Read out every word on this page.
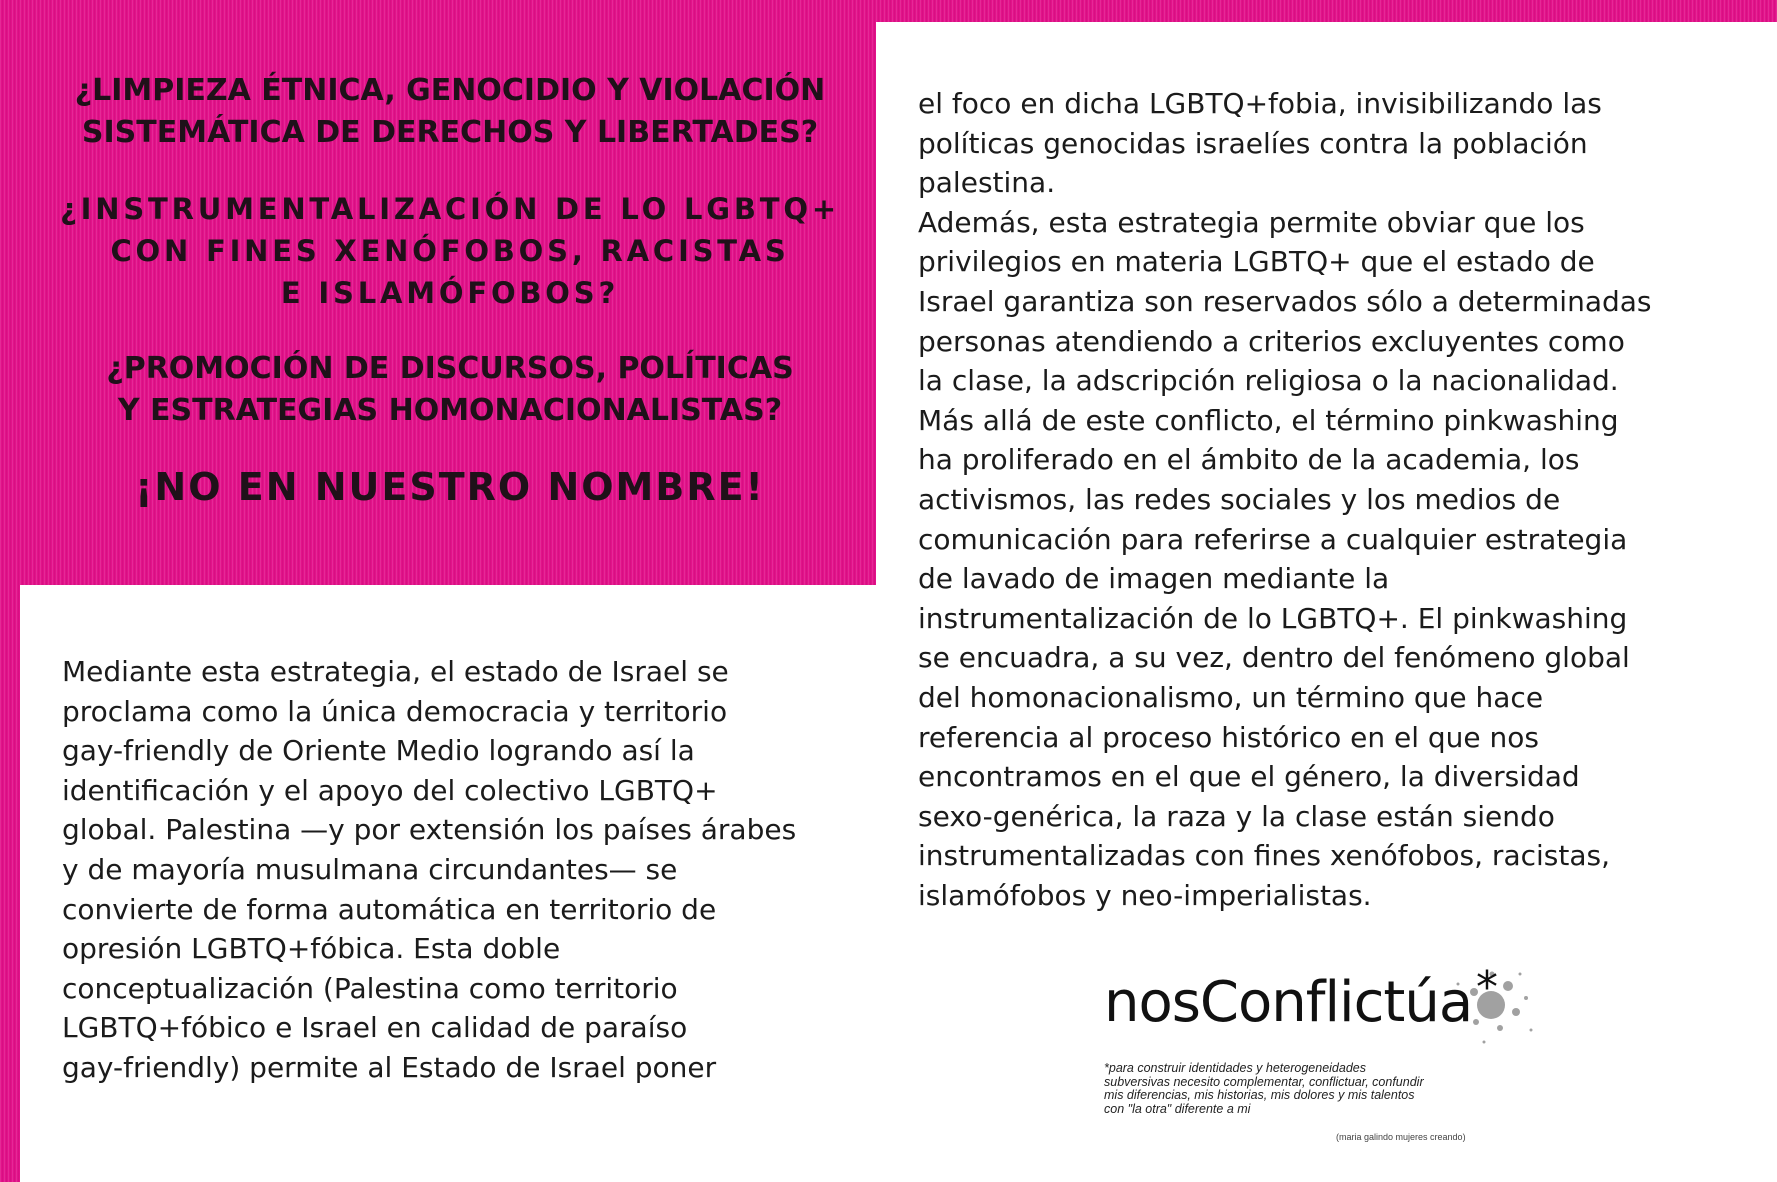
¿LIMPIEZA ÉTNICA, GENOCIDIO Y VIOLACIÓN
SISTEMÁTICA DE DERECHOS Y LIBERTADES?
¿INSTRUMENTALIZACIÓN DE LO LGBTQ+
CON FINES XENÓFOBOS, RACISTAS
E ISLAMÓFOBOS?
¿PROMOCIÓN DE DISCURSOS, POLÍTICAS
Y ESTRATEGIAS HOMONACIONALISTAS?
¡NO EN NUESTRO NOMBRE!
Mediante esta estrategia, el estado de Israel se
proclama como la única democracia y territorio
gay-friendly de Oriente Medio logrando así la
identificación y el apoyo del colectivo LGBTQ+
global. Palestina —y por extensión los países árabes
y de mayoría musulmana circundantes— se
convierte de forma automática en territorio de
opresión LGBTQ+fóbica. Esta doble
conceptualización (Palestina como territorio
LGBTQ+fóbico e Israel en calidad de paraíso
gay-friendly) permite al Estado de Israel poner
el foco en dicha LGBTQ+fobia, invisibilizando las
políticas genocidas israelíes contra la población
palestina.
Además, esta estrategia permite obviar que los
privilegios en materia LGBTQ+ que el estado de
Israel garantiza son reservados sólo a determinadas
personas atendiendo a criterios excluyentes como
la clase, la adscripción religiosa o la nacionalidad.
Más allá de este conflicto, el término pinkwashing
ha proliferado en el ámbito de la academia, los
activismos, las redes sociales y los medios de
comunicación para referirse a cualquier estrategia
de lavado de imagen mediante la
instrumentalización de lo LGBTQ+. El pinkwashing
se encuadra, a su vez, dentro del fenómeno global
del homonacionalismo, un término que hace
referencia al proceso histórico en el que nos
encontramos en el que el género, la diversidad
sexo-genérica, la raza y la clase están siendo
instrumentalizadas con fines xenófobos, racistas,
islamófobos y neo-imperialistas.
nosConflictúa *
*para construir identidades y heterogeneidades
subversivas necesito complementar, conflictuar, confundir
mis diferencias, mis historias, mis dolores y mis talentos
con "la otra" diferente a mi
(maria galindo mujeres creando)
